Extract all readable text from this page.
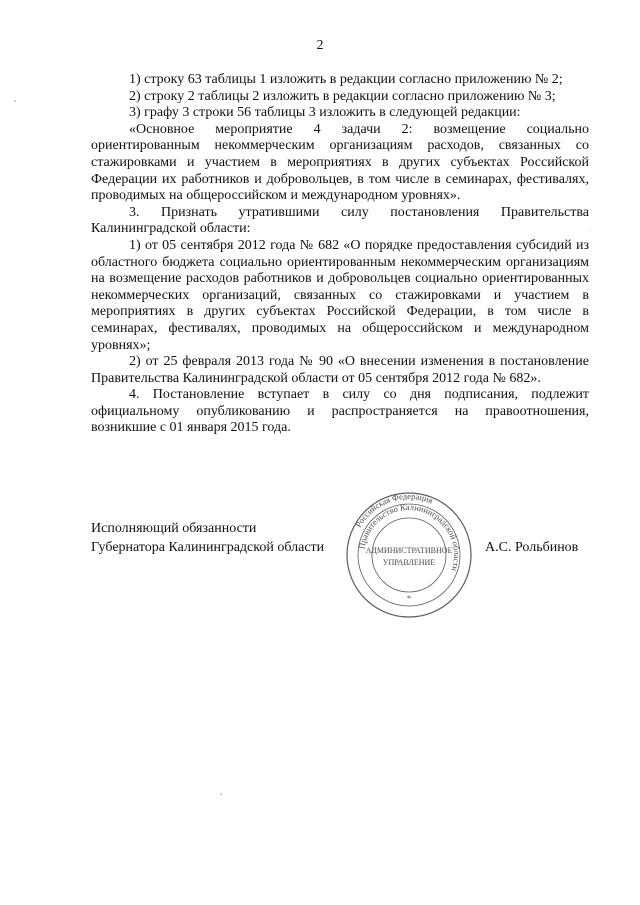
2

1) строку 63 таблицы 1 изложить в редакции согласно приложению № 2;

2) строку 2 таблицы 2 изложить в редакции согласно приложению № 3;

3) графу 3 строки 56 таблицы 3 изложить в следующей редакции:

«Основное мероприятие 4 задачи 2: возмещение социально ориентированным некоммерческим организациям расходов, связанных со стажировками и участием в мероприятиях в других субъектах Российской Федерации их работников и добровольцев, в том числе в семинарах, фестивалях, проводимых на общероссийском и международном уровнях».

3. Признать утратившими силу постановления Правительства Калининградской области:

1) от 05 сентября 2012 года № 682 «О порядке предоставления субсидий из областного бюджета социально ориентированным некоммерческим организациям на возмещение расходов работников и добровольцев социально ориентированных некоммерческих организаций, связанных со стажировками и участием в мероприятиях в других субъектах Российской Федерации, в том числе в семинарах, фестивалях, проводимых на общероссийском и международном уровнях»;

2) от 25 февраля 2013 года № 90 «О внесении изменения в постановление Правительства Калининградской области от 05 сентября 2012 года № 682».

4. Постановление вступает в силу со дня подписания, подлежит официальному опубликованию и распространяется на правоотношения, возникшие с 01 января 2015 года.

Исполняющий обязанности
Губернатора Калининградской области	А.С. Рольбинов
Российская Федерация
Правительство Калининградской области
АДМИНИСТРАТИВНОЕ
УПРАВЛЕНИЕ
*
